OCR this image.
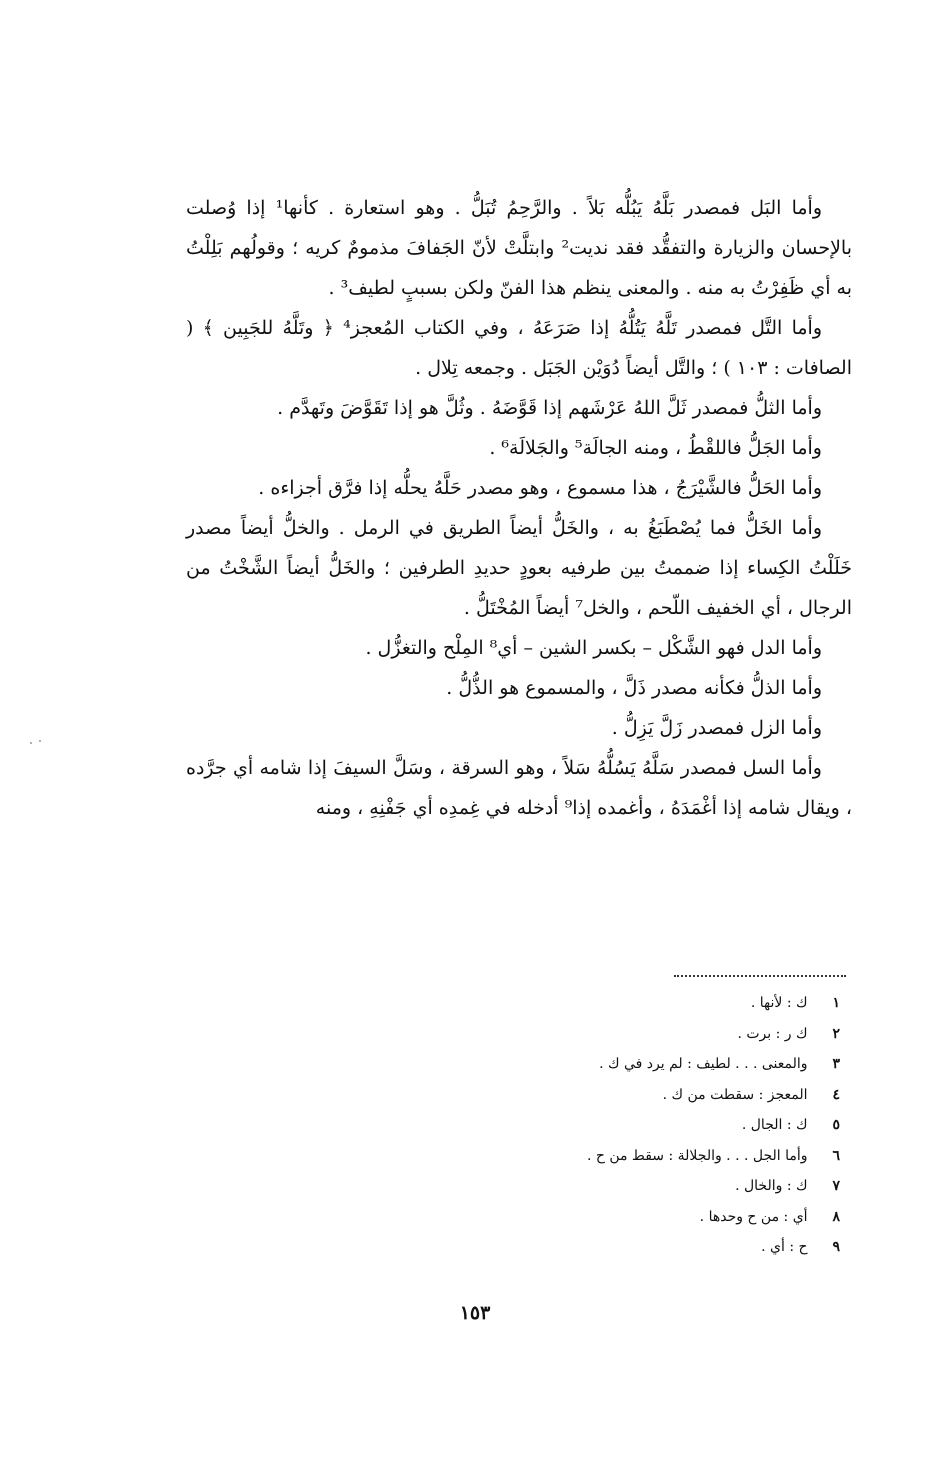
وأما البَل فمصدر بَلَّهُ يَبُلُّه بَلاً . والرَّحِمُ تُبَلُّ . وهو استعارة . كأنها¹ إذا وُصلت بالإحسان والزيارة والتفقُّد فقد نديت² وابتلَّتْ لأنّ الجَفافَ مذمومٌ كريه ؛ وقولُهم بَلِلْتُ به أي ظَفِرْتُ به منه . والمعنى ينظم هذا الفنّ ولكن بسببٍ لطيف³ .

وأما التَّل فمصدر تَلَّهُ يَتُلُّهُ إذا صَرَعَهُ ، وفي الكتاب المُعجز⁴ ﴿ وتَلَّهُ للجَبِين ﴾ ( الصافات : ١٠٣ ) ؛ والتَّل أيضاً دُوَيْن الجَبَل . وجمعه تِلال .

وأما الثلُّ فمصدر ثَلَّ اللهُ عَرْشَهم إذا قَوَّضَهُ . وثُلَّ هو إذا تَقَوَّضَ وتَهدَّم .

وأما الجَلُّ فاللقْطُ ، ومنه الجالَة⁵ والجَلالَة⁶ .

وأما الحَلُّ فالشَّيْرَجُ ، هذا مسموع ، وهو مصدر حَلَّهُ يحلُّه إذا فرَّق أجزاءه .

وأما الخَلُّ فما يُصْطَبَغُ به ، والخَلُّ أيضاً الطريق في الرمل . والخلُّ أيضاً مصدر خَلَلْتُ الكِساء إذا ضممتُ بين طرفيه بعودٍ حديدِ الطرفين ؛ والخَلُّ أيضاً الشَّخْتُ من الرجال ، أي الخفيف اللّحم ، والخل⁷ أيضاً المُخْتَلُّ .

وأما الدل فهو الشَّكْل – بكسر الشين – أي⁸ المِلْح والتغزُّل .

وأما الذلُّ فكأنه مصدر ذَلَّ ، والمسموع هو الذُّلُّ .

وأما الزل فمصدر زَلَّ يَزِلُّ .

وأما السل فمصدر سَلَّهُ يَسُلُّهُ سَلاً ، وهو السرقة ، وسَلَّ السيفَ إذا شامه أي جرَّده ، ويقال شامه إذا أغْمَدَهُ ، وأغمده إذا⁹ أدخله في غِمدِه أي جَفْنِهِ ، ومنه

١ ك : لأنها .
٢ ك ر : برت .
٣ والمعنى . . . لطيف : لم يرد في ك .
٤ المعجز : سقطت من ك .
٥ ك : الجال .
٦ وأما الجل . . . والجلالة : سقط من ح .
٧ ك : والخال .
٨ أي : من ح وحدها .
٩ ح : أي .
١٥٣
